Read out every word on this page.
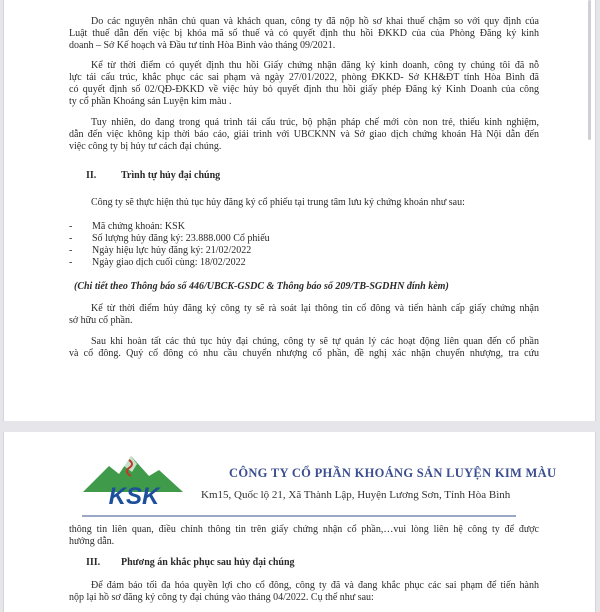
Do các nguyên nhân chủ quan và khách quan, công ty đã nộp hồ sơ khai thuế chậm so với quy định của
Luật thuế dẫn đến việc bị khóa mã số thuế và có quyết định thu hồi ĐKKD của của Phòng Đăng ký kinh
doanh – Sở Kế hoạch và Đầu tư tỉnh Hòa Bình vào tháng 09/2021.
Kể từ thời điểm có quyết định thu hồi Giấy chứng nhận đăng ký kinh doanh, công ty chúng tôi đã nỗ
lực tái cấu trúc, khắc phục các sai phạm và ngày 27/01/2022, phòng ĐKKD- Sở KH&ĐT tỉnh Hòa Bình đã
có quyết định số 02/QĐ-ĐKKD về việc hủy bỏ quyết định thu hồi giấy phép Đăng ký Kinh Doanh của công
ty cổ phần Khoáng sản Luyện kim màu .
Tuy nhiên, do đang trong quá trình tái cấu trúc, bộ phận pháp chế mới còn non trẻ, thiếu kinh nghiệm,
dẫn đến việc không kịp thời báo cáo, giải trình với UBCKNN và Sở giao dịch chứng khoán Hà Nội dẫn đến
việc công ty bị hủy tư cách đại chúng.
II. Trình tự hủy đại chúng
Công ty sẽ thực hiện thủ tục hủy đăng ký cổ phiếu tại trung tâm lưu ký chứng khoán như sau:
- Mã chứng khoán: KSK
- Số lượng hủy đăng ký: 23.888.000 Cổ phiếu
- Ngày hiệu lực hủy đăng ký: 21/02/2022
- Ngày giao dịch cuối cùng: 18/02/2022
(Chi tiết theo Thông báo số 446/UBCK-GSDC & Thông báo số 209/TB-SGDHN đính kèm)
Kể từ thời điểm hủy đăng ký công ty sẽ rà soát lại thông tin cổ đông và tiến hành cấp giấy chứng nhận
sở hữu cổ phần.
Sau khi hoàn tất các thủ tục hủy đại chúng, công ty sẽ tự quản lý các hoạt động liên quan đến cổ phần
và cổ đông. Quý cổ đông có nhu cầu chuyển nhượng cổ phần, đề nghị xác nhận chuyển nhượng, tra cứu
KSK
CÔNG TY CỔ PHẦN KHOÁNG SẢN LUYỆN KIM MÀU
Km15, Quốc lộ 21, Xã Thành Lập, Huyện Lương Sơn, Tỉnh Hòa Bình
thông tin liên quan, điều chỉnh thông tin trên giấy chứng nhận cổ phần,…vui lòng liên hệ công ty để được
hướng dẫn.
III. Phương án khắc phục sau hủy đại chúng
Để đảm bảo tối đa hóa quyền lợi cho cổ đông, công ty đã và đang khắc phục các sai phạm để tiến hành
nộp lại hồ sơ đăng ký công ty đại chúng vào tháng 04/2022. Cụ thể như sau:
